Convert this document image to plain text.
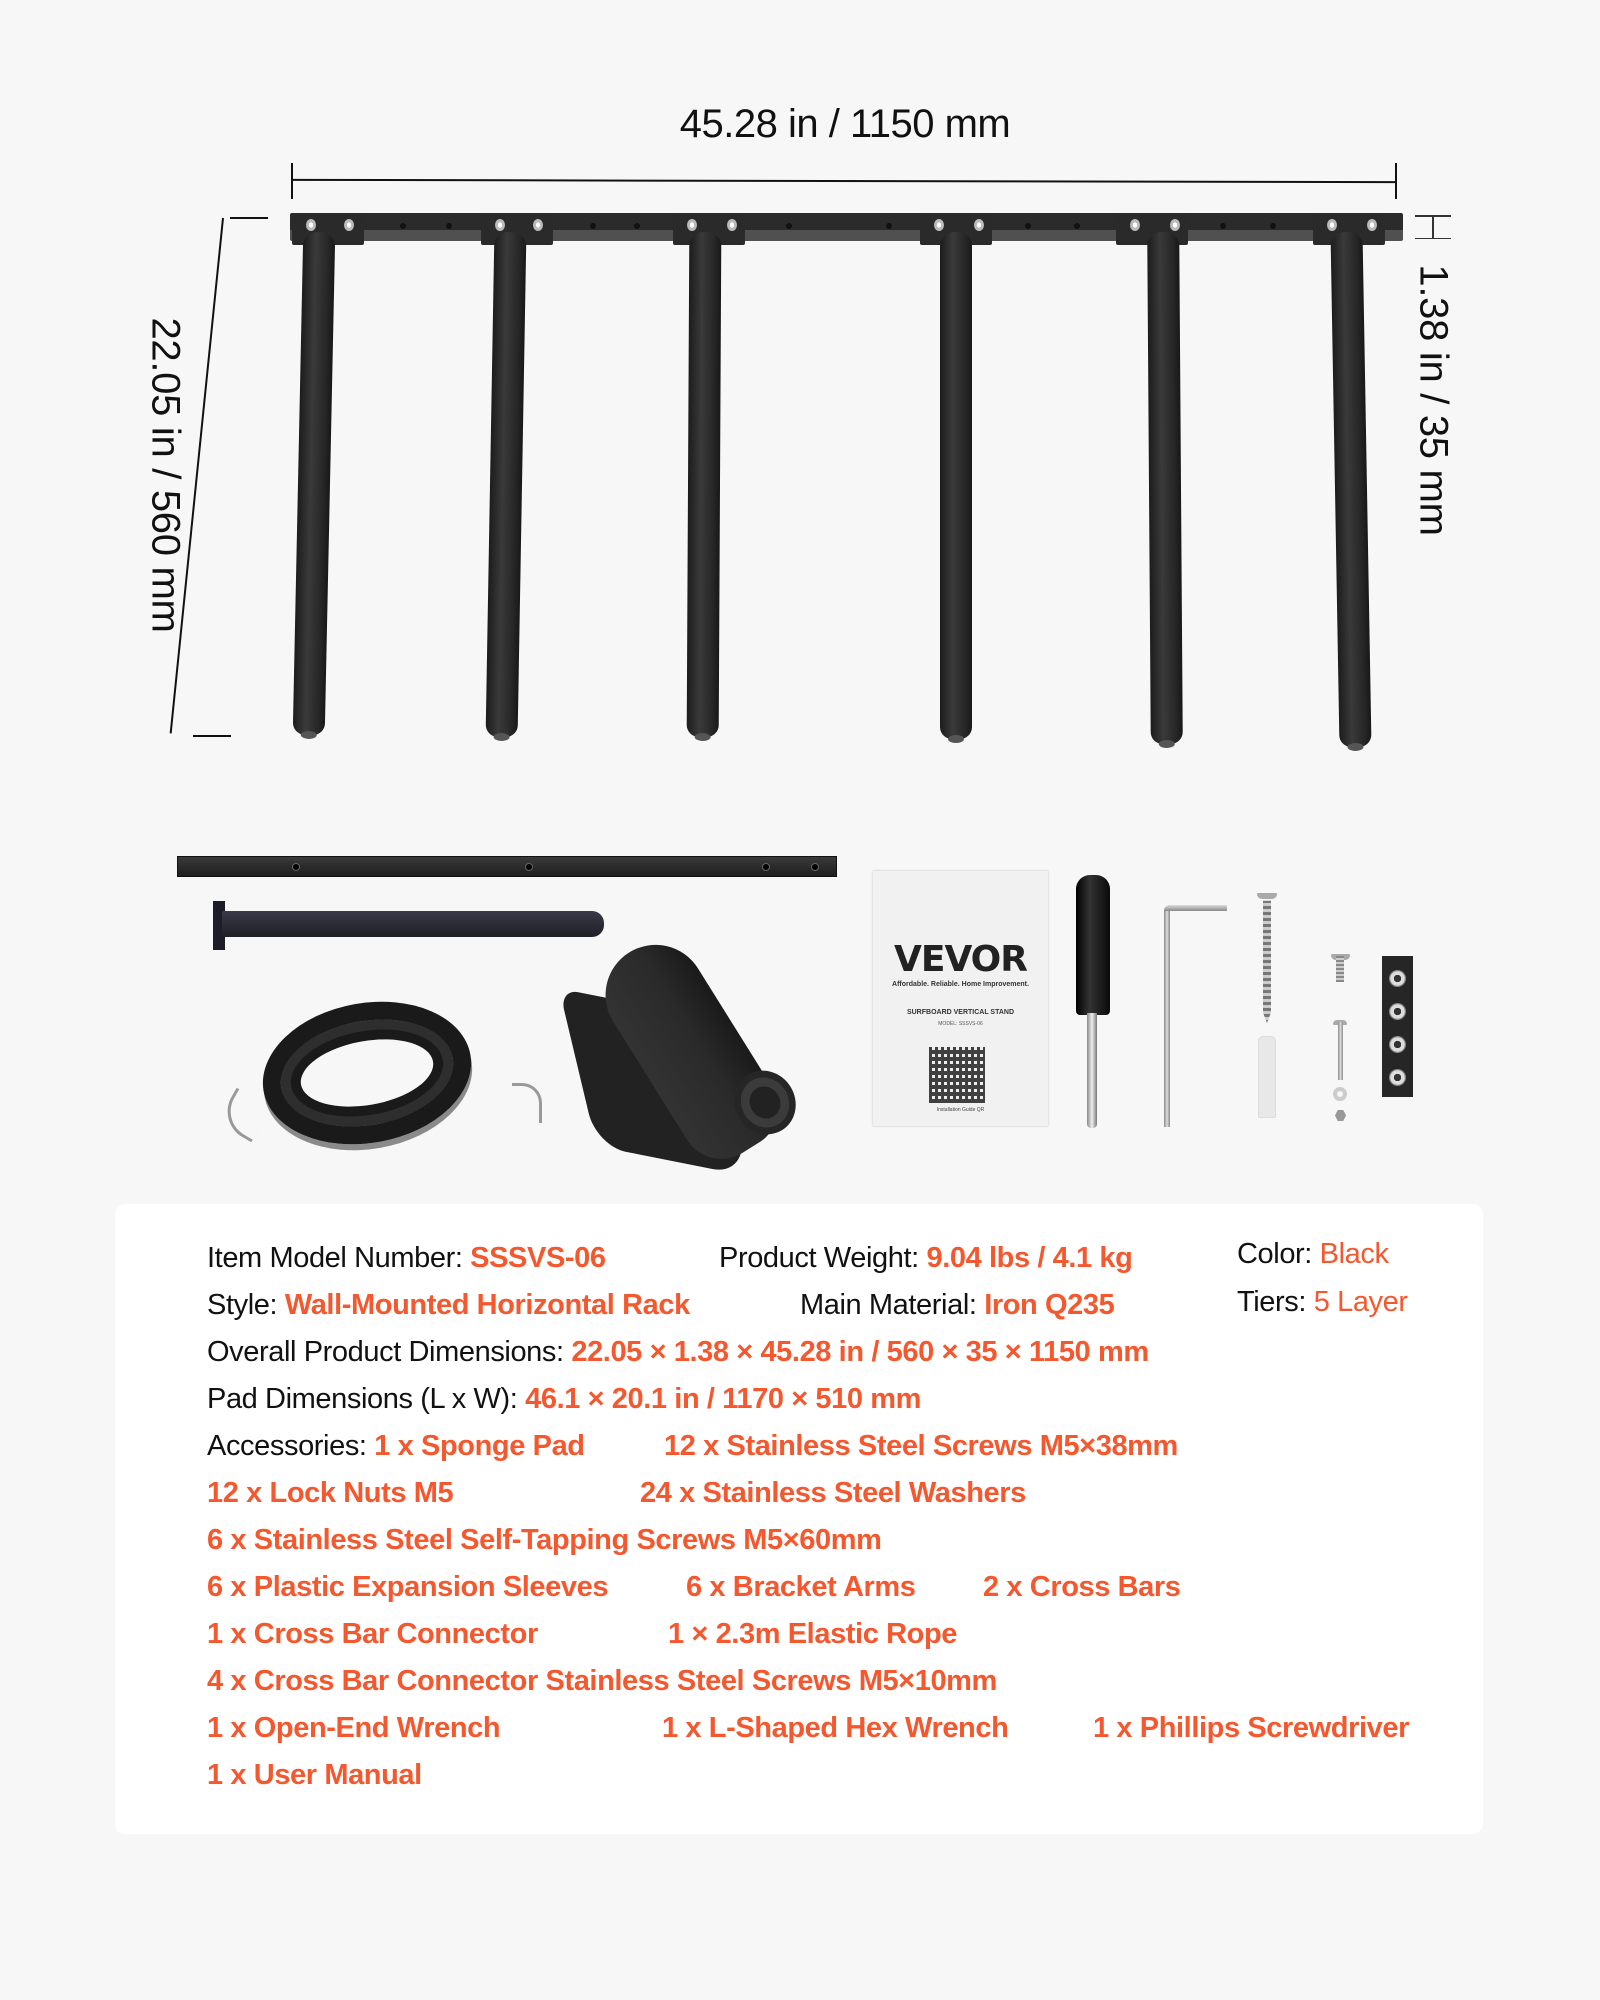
45.28 in / 1150 mm
22.05 in / 560 mm	1.38 in / 35 mm
VEVOR
Affordable. Reliable. Home Improvement.
SURFBOARD VERTICAL STAND
MODEL: SSSVS-06
Installation Guide QR
Item Model Number: SSSVS-06	Product Weight: 9.04 lbs / 4.1 kg	Color: Black
Style: Wall-Mounted Horizontal Rack	Main Material: Iron Q235	Tiers: 5 Layer
Overall Product Dimensions: 22.05 × 1.38 × 45.28 in / 560 × 35 × 1150 mm
Pad Dimensions (L x W): 46.1 × 20.1 in / 1170 × 510 mm
Accessories: 1 x Sponge Pad	12 x Stainless Steel Screws M5×38mm
12 x Lock Nuts M5	24 x Stainless Steel Washers
6 x Stainless Steel Self-Tapping Screws M5×60mm
6 x Plastic Expansion Sleeves	6 x Bracket Arms 2 x Cross Bars
1 x Cross Bar Connector	1 × 2.3m Elastic Rope
4 x Cross Bar Connector Stainless Steel Screws M5×10mm
1 x Open-End Wrench	1 x L-Shaped Hex Wrench	1 x Phillips Screwdriver
1 x User Manual
